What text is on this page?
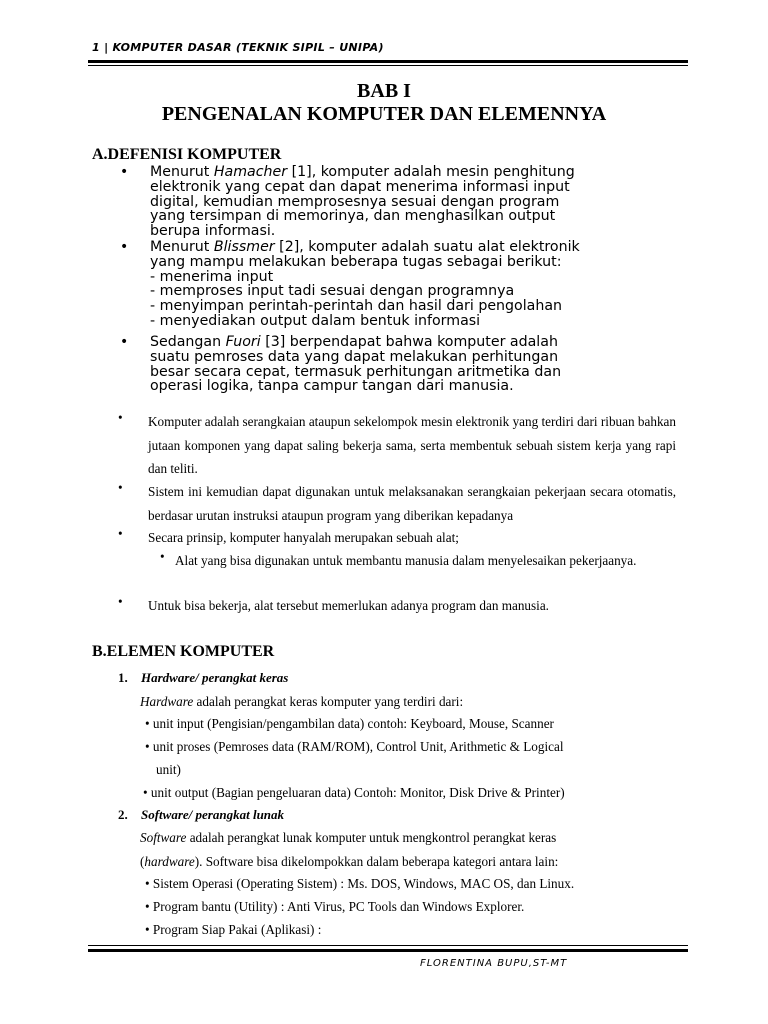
1 | KOMPUTER DASAR (TEKNIK SIPIL – UNIPA)
BAB I
PENGENALAN KOMPUTER DAN ELEMENNYA
A.DEFENISI KOMPUTER
• Menurut Hamacher [1], komputer adalah mesin penghitung
elektronik yang cepat dan dapat menerima informasi input
digital, kemudian memprosesnya sesuai dengan program
yang tersimpan di memorinya, dan menghasilkan output
berupa informasi.
• Menurut Blissmer [2], komputer adalah suatu alat elektronik
yang mampu melakukan beberapa tugas sebagai berikut:
- menerima input
- memproses input tadi sesuai dengan programnya
- menyimpan perintah-perintah dan hasil dari pengolahan
- menyediakan output dalam bentuk informasi
• Sedangan Fuori [3] berpendapat bahwa komputer adalah
suatu pemroses data yang dapat melakukan perhitungan
besar secara cepat, termasuk perhitungan aritmetika dan
operasi logika, tanpa campur tangan dari manusia.
• Komputer adalah serangkaian ataupun sekelompok mesin elektronik yang terdiri dari ribuan bahkan jutaan komponen yang dapat saling bekerja sama, serta membentuk sebuah sistem kerja yang rapi dan teliti.
• Sistem ini kemudian dapat digunakan untuk melaksanakan serangkaian pekerjaan secara otomatis, berdasar urutan instruksi ataupun program yang diberikan kepadanya
• Secara prinsip, komputer hanyalah merupakan sebuah alat;
• Alat yang bisa digunakan untuk membantu manusia dalam menyelesaikan pekerjaanya.
• Untuk bisa bekerja, alat tersebut memerlukan adanya program dan manusia.
B.ELEMEN KOMPUTER
1. Hardware/ perangkat keras
Hardware adalah perangkat keras komputer yang terdiri dari:
• unit input (Pengisian/pengambilan data) contoh: Keyboard, Mouse, Scanner
• unit proses (Pemroses data (RAM/ROM), Control Unit, Arithmetic & Logical
unit)
• unit output (Bagian pengeluaran data) Contoh: Monitor, Disk Drive & Printer)
2. Software/ perangkat lunak
Software adalah perangkat lunak komputer untuk mengkontrol perangkat keras
(hardware). Software bisa dikelompokkan dalam beberapa kategori antara lain:
• Sistem Operasi (Operating Sistem) : Ms. DOS, Windows, MAC OS, dan Linux.
• Program bantu (Utility) : Anti Virus, PC Tools dan Windows Explorer.
• Program Siap Pakai (Aplikasi) :
FLORENTINA BUPU,ST-MT
